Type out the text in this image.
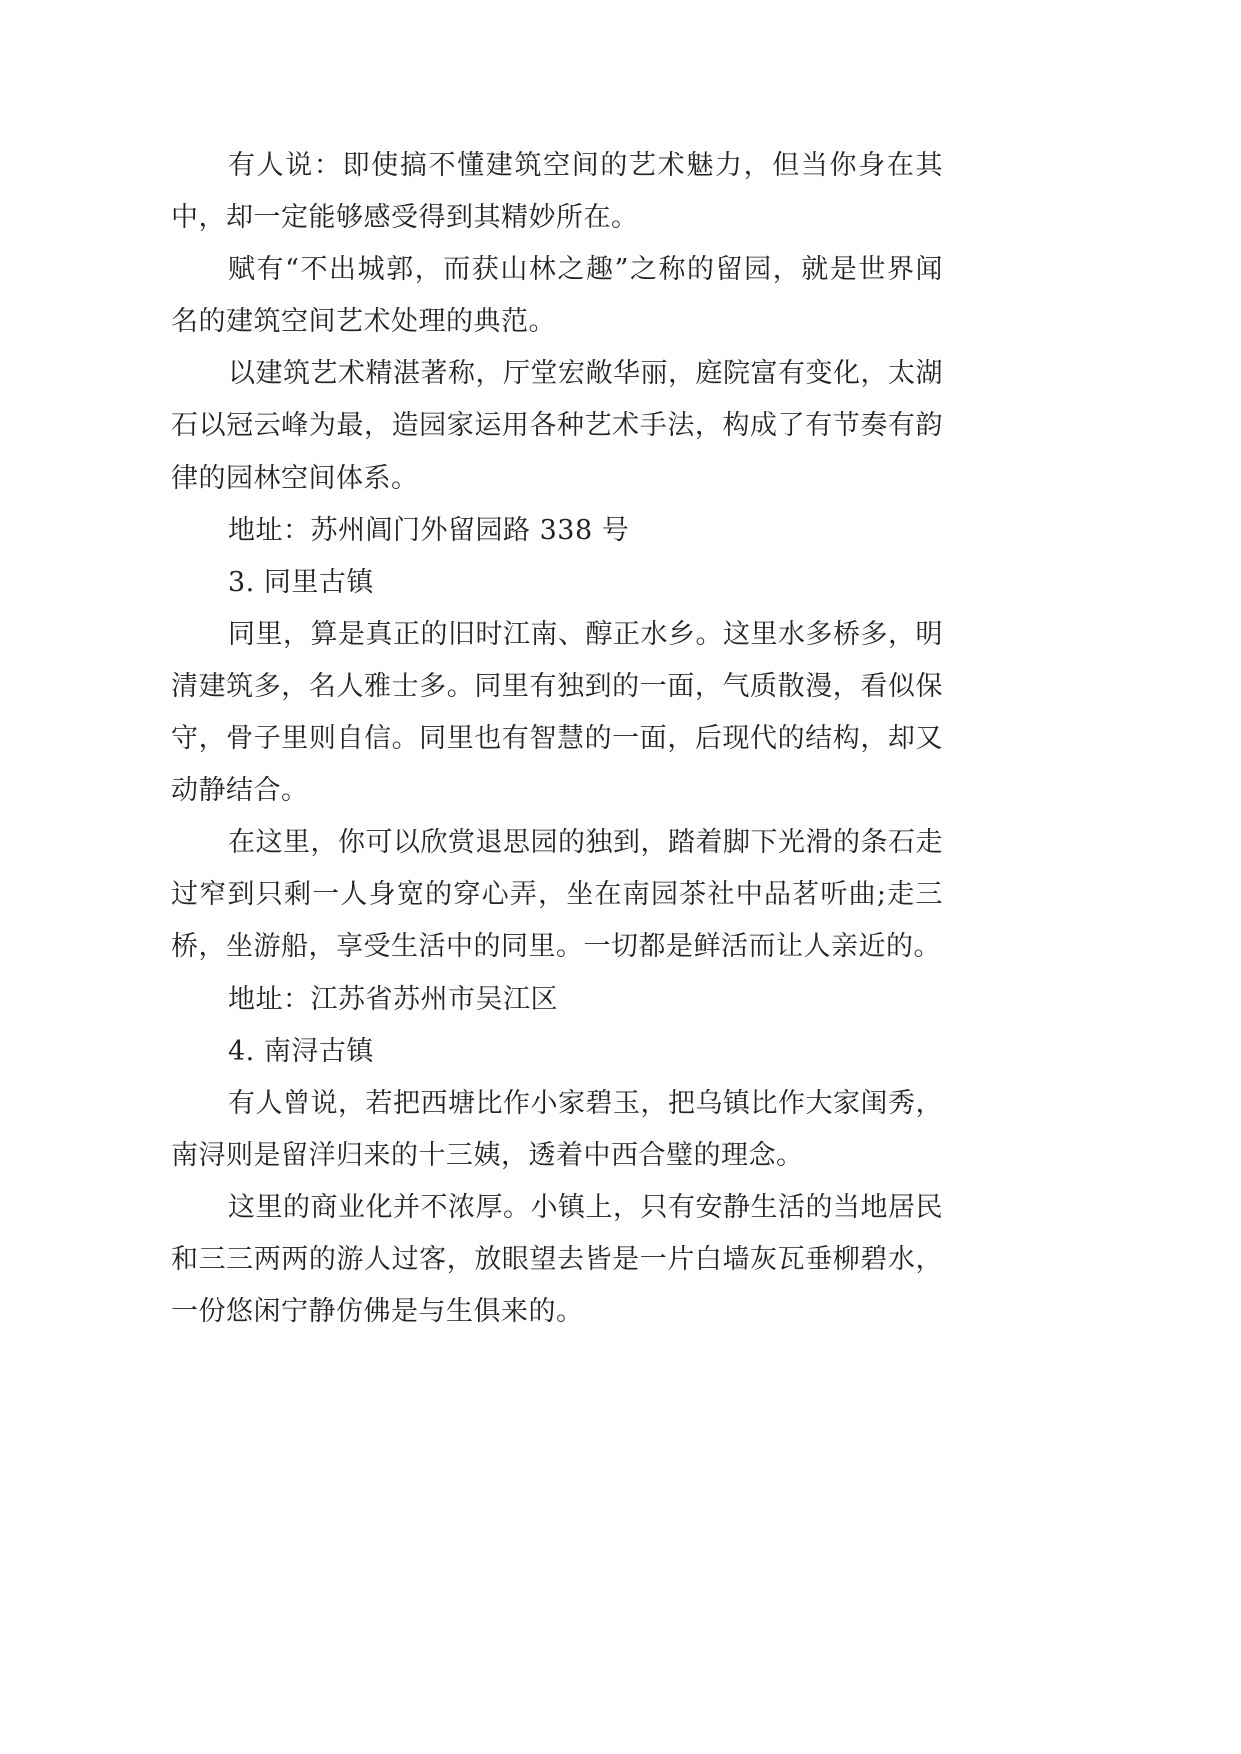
有人说：即使搞不懂建筑空间的艺术魅力，但当你身在其中，却一定能够感受得到其精妙所在。

赋有“不出城郭，而获山林之趣”之称的留园，就是世界闻名的建筑空间艺术处理的典范。

以建筑艺术精湛著称，厅堂宏敞华丽，庭院富有变化，太湖石以冠云峰为最，造园家运用各种艺术手法，构成了有节奏有韵律的园林空间体系。

地址：苏州阊门外留园路 338 号

3. 同里古镇

同里，算是真正的旧时江南、醇正水乡。这里水多桥多，明清建筑多，名人雅士多。同里有独到的一面，气质散漫，看似保守，骨子里则自信。同里也有智慧的一面，后现代的结构，却又动静结合。

在这里，你可以欣赏退思园的独到，踏着脚下光滑的条石走过窄到只剩一人身宽的穿心弄，坐在南园茶社中品茗听曲;走三桥，坐游船，享受生活中的同里。一切都是鲜活而让人亲近的。

地址：江苏省苏州市吴江区

4. 南浔古镇

有人曾说，若把西塘比作小家碧玉，把乌镇比作大家闺秀，南浔则是留洋归来的十三姨，透着中西合璧的理念。

这里的商业化并不浓厚。小镇上，只有安静生活的当地居民和三三两两的游人过客，放眼望去皆是一片白墙灰瓦垂柳碧水，一份悠闲宁静仿佛是与生俱来的。
